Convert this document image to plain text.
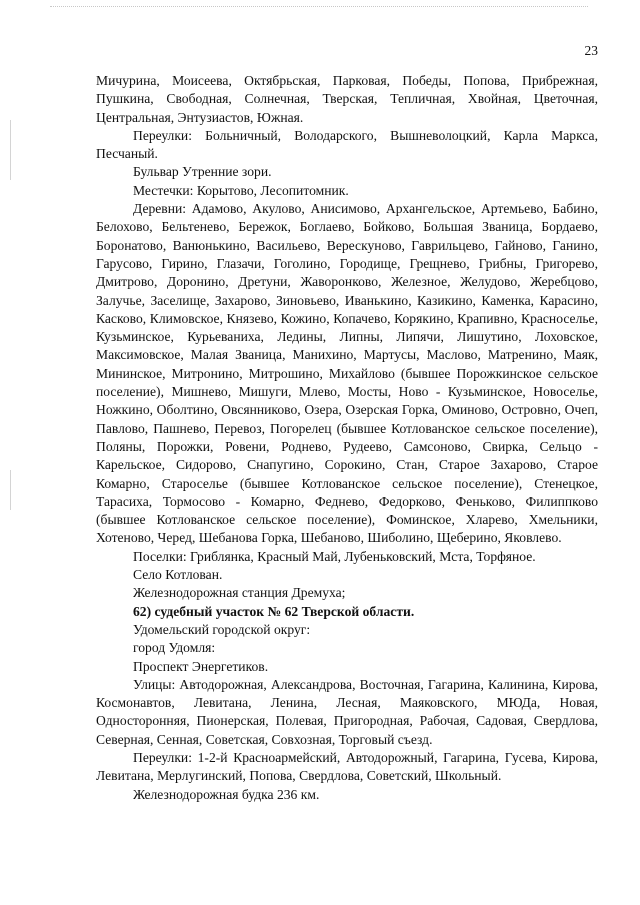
23

Мичурина, Моисеева, Октябрьская, Парковая, Победы, Попова, Прибрежная, Пушкина, Свободная, Солнечная, Тверская, Тепличная, Хвойная, Цветочная, Центральная, Энтузиастов, Южная.

Переулки: Больничный, Володарского, Вышневолоцкий, Карла Маркса, Песчаный.

Бульвар Утренние зори.

Местечки: Корытово, Лесопитомник.

Деревни: Адамово, Акулово, Анисимово, Архангельское, Артемьево, Бабино, Белохово, Бельтенево, Бережок, Боглаево, Бойково, Большая Званица, Бордаево, Боронатово, Ванюнькино, Васильево, Верескуново, Гаврильцево, Гайново, Ганино, Гарусово, Гирино, Глазачи, Гоголино, Городище, Грещнево, Грибны, Григорево, Дмитрово, Доронино, Дретуни, Жаворонково, Железное, Желудово, Жеребцово, Залучье, Заселище, Захарово, Зиновьево, Иванькино, Казикино, Каменка, Карасино, Касково, Климовское, Князево, Кожино, Копачево, Корякино, Крапивно, Красноселье, Кузьминское, Курьеваниха, Ледины, Липны, Липячи, Лишутино, Лоховское, Максимовское, Малая Званица, Манихино, Мартусы, Маслово, Матренино, Маяк, Мининское, Митронино, Митрошино, Михайлово (бывшее Порожкинское сельское поселение), Мишнево, Мишуги, Млево, Мосты, Ново - Кузьминское, Новоселье, Ножкино, Оболтино, Овсянниково, Озера, Озерская Горка, Оминово, Островно, Очеп, Павлово, Пашнево, Перевоз, Погорелец (бывшее Котлованское сельское поселение), Поляны, Порожки, Ровени, Роднево, Рудеево, Самсоново, Свирка, Сельцо - Карельское, Сидорово, Снапугино, Сорокино, Стан, Старое Захарово, Старое Комарно, Староселье (бывшее Котлованское сельское поселение), Стенецкое, Тарасиха, Тормосово - Комарно, Феднево, Федорково, Феньково, Филиппково (бывшее Котлованское сельское поселение), Фоминское, Хларево, Хмельники, Хотеново, Черед, Шебанова Горка, Шебаново, Шиболино, Щеберино, Яковлево.

Поселки: Гриблянка, Красный Май, Лубеньковский, Мста, Торфяное.

Село Котлован.

Железнодорожная станция Дремуха;

62) судебный участок № 62 Тверской области.

Удомельский городской округ:

город Удомля:

Проспект Энергетиков.

Улицы: Автодорожная, Александрова, Восточная, Гагарина, Калинина, Кирова, Космонавтов, Левитана, Ленина, Лесная, Маяковского, МЮДа, Новая, Односторонняя, Пионерская, Полевая, Пригородная, Рабочая, Садовая, Свердлова, Северная, Сенная, Советская, Совхозная, Торговый съезд.

Переулки: 1-2-й Красноармейский, Автодорожный, Гагарина, Гусева, Кирова, Левитана, Мерлугинский, Попова, Свердлова, Советский, Школьный.

Железнодорожная будка 236 км.
